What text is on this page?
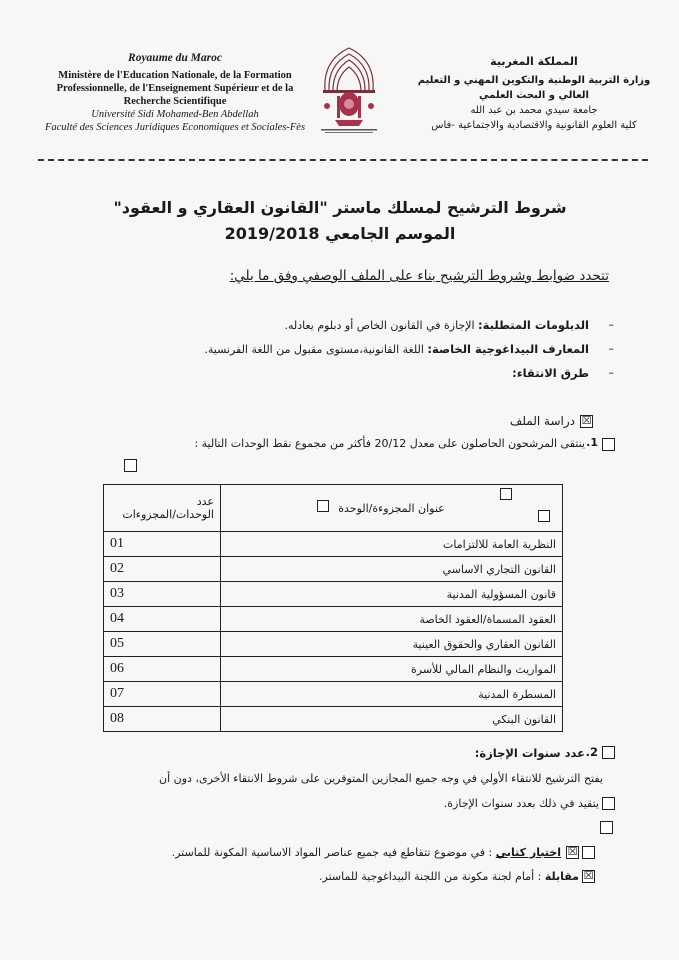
Royaume du Maroc
Ministère de l'Education Nationale, de la Formation Professionnelle, de l'Enseignement Supérieur et de la Recherche Scientifique
Université Sidi Mohamed-Ben Abdellah
Faculté des Sciences Juridiques Economiques et Sociales-Fès
المملكة المغربية
وزارة التربية الوطنية والتكوين المهني و التعليم العالي و البحث العلمي
جامعة سيدي محمد بن عبد الله
كلية العلوم القانونية والاقتصادية والاجتماعية -فاس
شروط الترشيح لمسلك ماستر "القانون العقاري و العقود"
الموسم الجامعي 2019/2018
تتحدد ضوابط وشروط الترشيح بناء على الملف الوصفي وفق ما يلي:
–
الدبلومات المتطلبة: الإجازة في القانون الخاص أو دبلوم يعادله.
–
المعارف البيداغوجية الخاصة: اللغة القانونية،مستوى مقبول من اللغة الفرنسية.
–
طرق الانتقاء:
دراسة الملف ☒
1.
ينتقى المرشحون الحاصلون على معدل 20/12 فأكثر من مجموع نقط الوحدات التالية :
عدد
الوحدات/المجزوءات	عنوان المجزوءة/الوحدة
01	النظرية العامة للالتزامات
02	القانون التجاري الاساسي
03	قانون المسؤولية المدنية
04	العقود المسماة/العقود الخاصة
05	القانون العقاري والحقوق العينية
06	المواريث والنظام المالي للأسرة
07	المسطرة المدنية
08	القانون البنكي
2.
عدد سنوات الإجازة:
يفتح الترشيح للانتقاء الأولي في وجه جميع المجازين المتوفرين على شروط الانتقاء الأخرى، دون أن
يتقيد في ذلك بعدد سنوات الإجازة.
☒
اختبار كتابي : في موضوع تتقاطع فيه جميع عناصر المواد الاساسية المكونة للماستر.
☒
مقابلة : أمام لجنة مكونة من اللجنة البيداغوجية للماستر.
